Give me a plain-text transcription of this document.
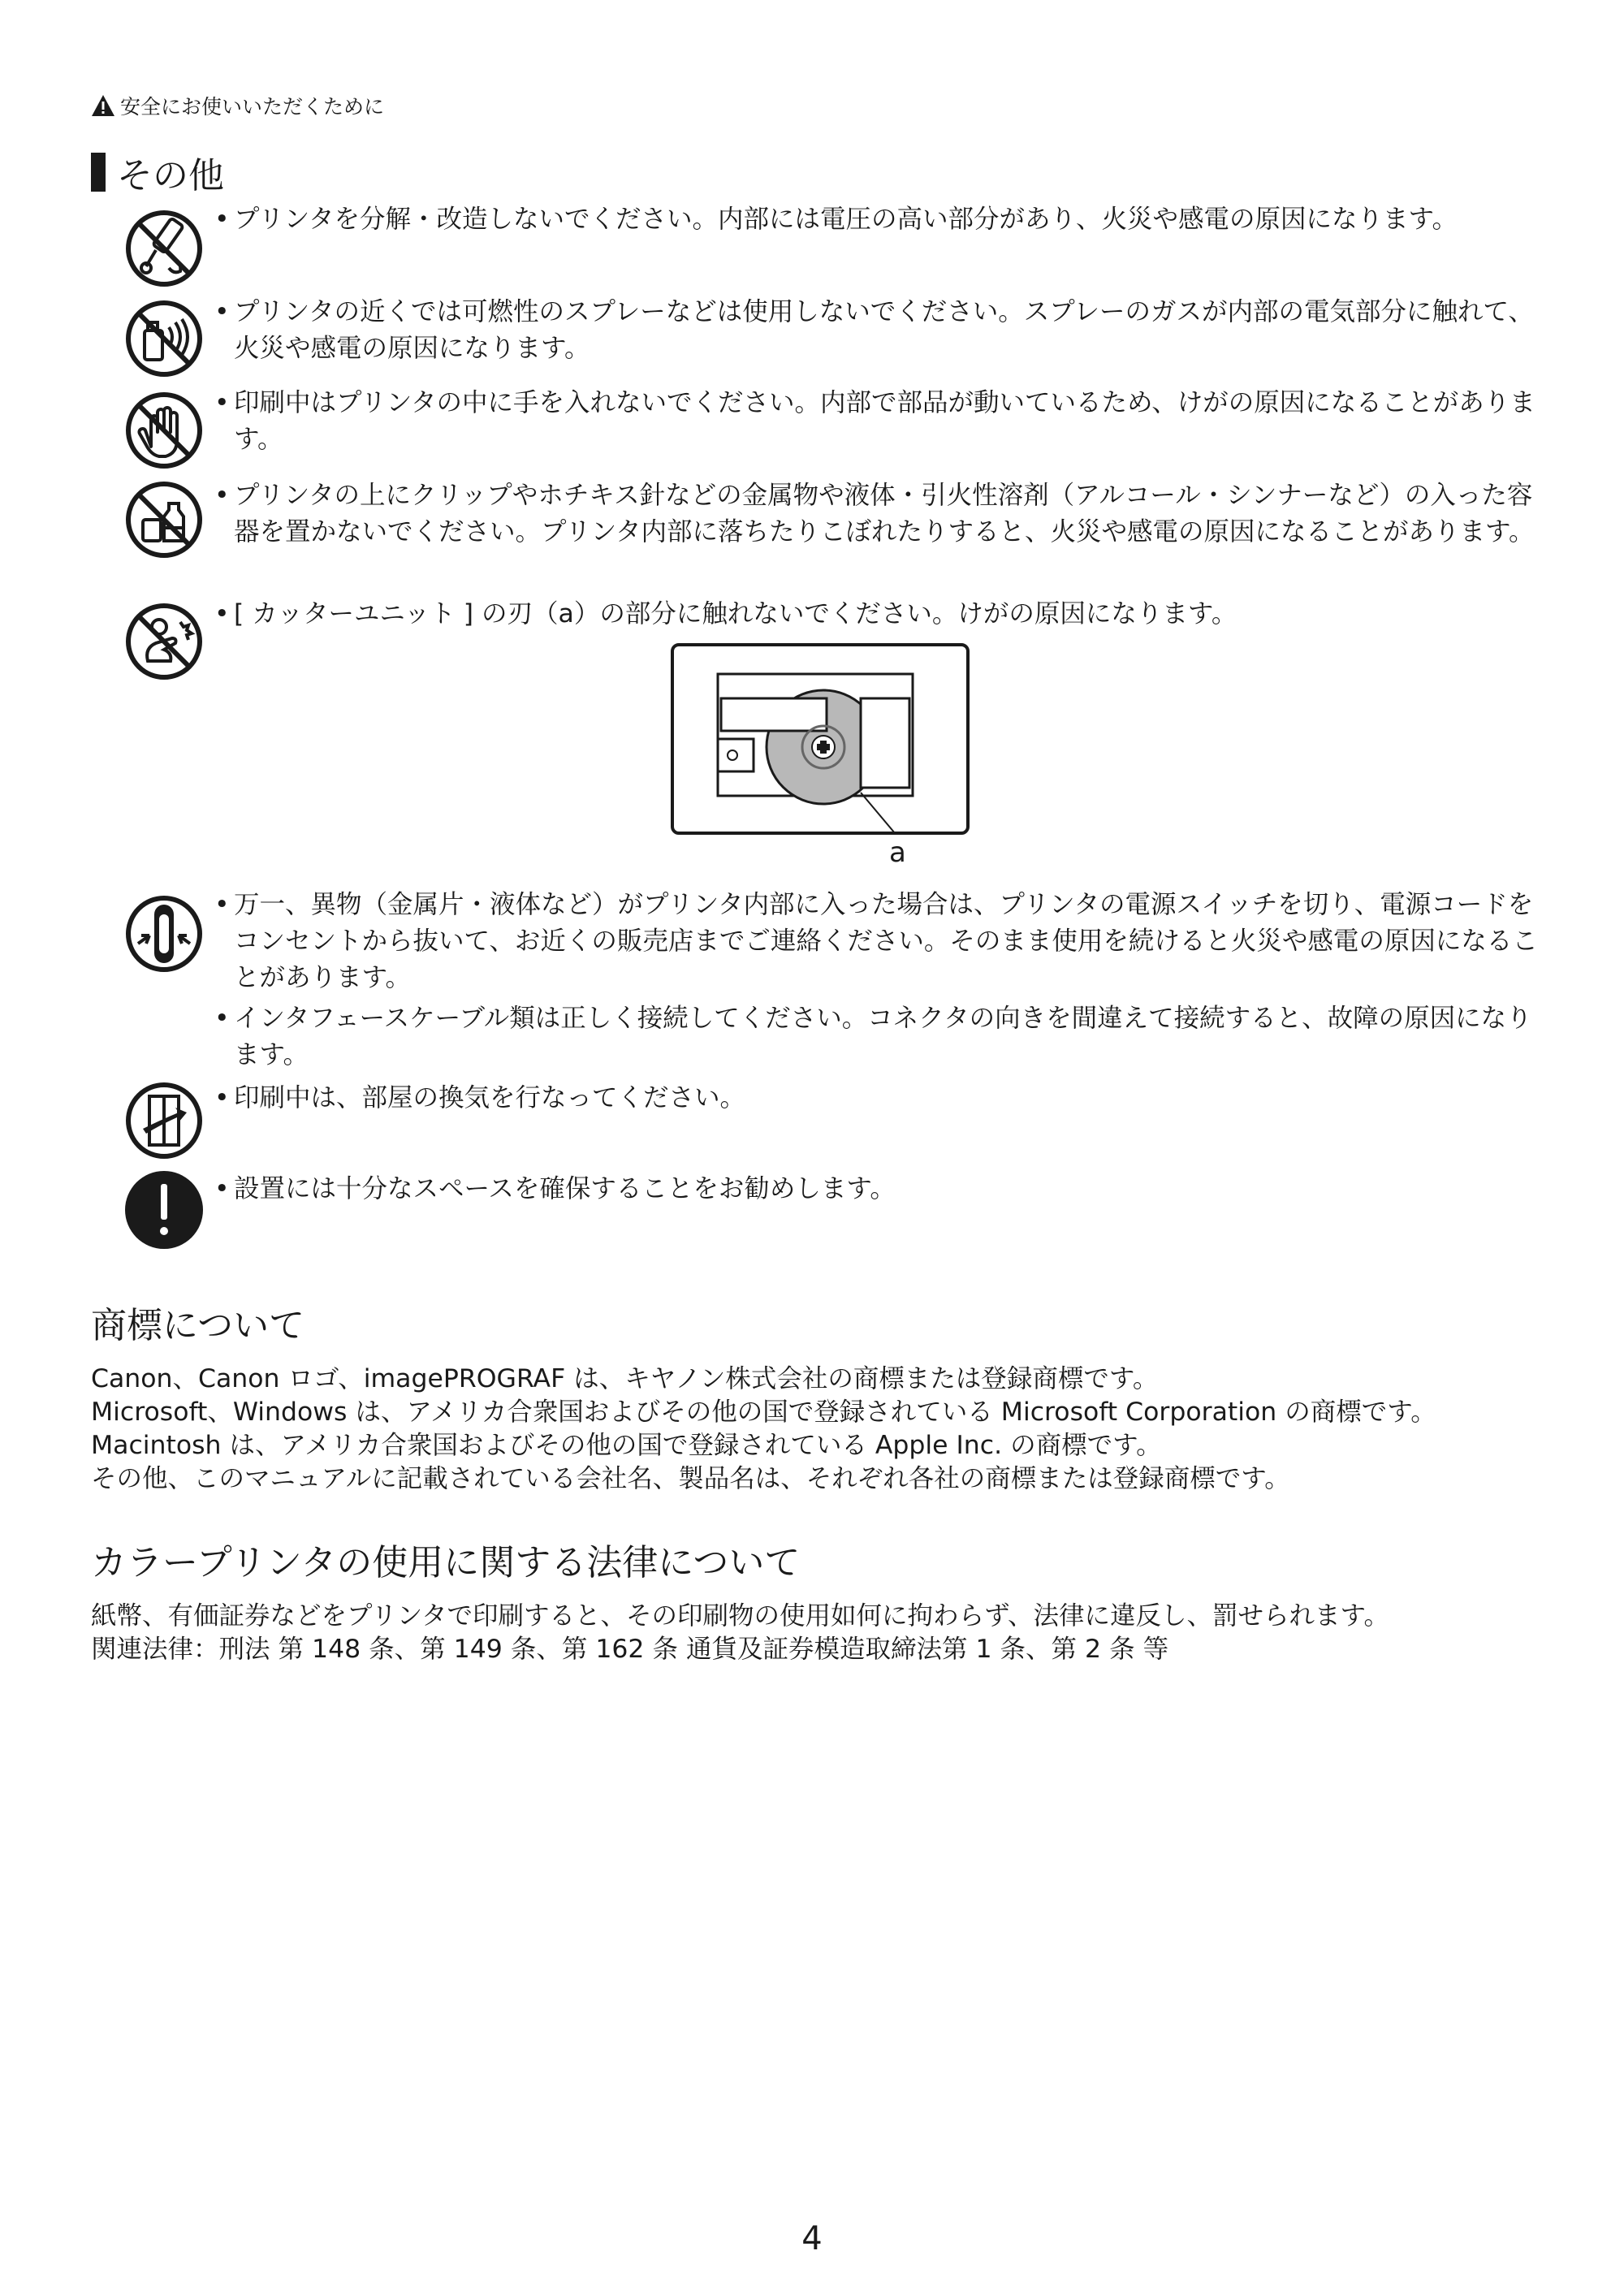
安全にお使いいただくために
その他
• プリンタを分解・改造しないでください。内部には電圧の高い部分があり、火災や感電の原因になります。
• プリンタの近くでは可燃性のスプレーなどは使用しないでください。スプレーのガスが内部の電気部分に触れて、火災や感電の原因になります。
• 印刷中はプリンタの中に手を入れないでください。内部で部品が動いているため、けがの原因になることがあります。
• プリンタの上にクリップやホチキス針などの金属物や液体・引火性溶剤（アルコール・シンナーなど）の入った容器を置かないでください。プリンタ内部に落ちたりこぼれたりすると、火災や感電の原因になることがあります。
• [ カッターユニット ] の刃（a）の部分に触れないでください。けがの原因になります。
a
• 万一、異物（金属片・液体など）がプリンタ内部に入った場合は、プリンタの電源スイッチを切り、電源コードをコンセントから抜いて、お近くの販売店までご連絡ください。そのまま使用を続けると火災や感電の原因になることがあります。
• インタフェースケーブル類は正しく接続してください。コネクタの向きを間違えて接続すると、故障の原因になります。
• 印刷中は、部屋の換気を行なってください。
• 設置には十分なスペースを確保することをお勧めします。
商標について
Canon、Canon ロゴ、imagePROGRAF は、キヤノン株式会社の商標または登録商標です。
Microsoft、Windows は、アメリカ合衆国およびその他の国で登録されている Microsoft Corporation の商標です。
Macintosh は、アメリカ合衆国およびその他の国で登録されている Apple Inc. の商標です。
その他、このマニュアルに記載されている会社名、製品名は、それぞれ各社の商標または登録商標です。
カラープリンタの使用に関する法律について
紙幣、有価証券などをプリンタで印刷すると、その印刷物の使用如何に拘わらず、法律に違反し、罰せられます。
関連法律：刑法 第 148 条、第 149 条、第 162 条 通貨及証券模造取締法第 1 条、第 2 条 等
4
